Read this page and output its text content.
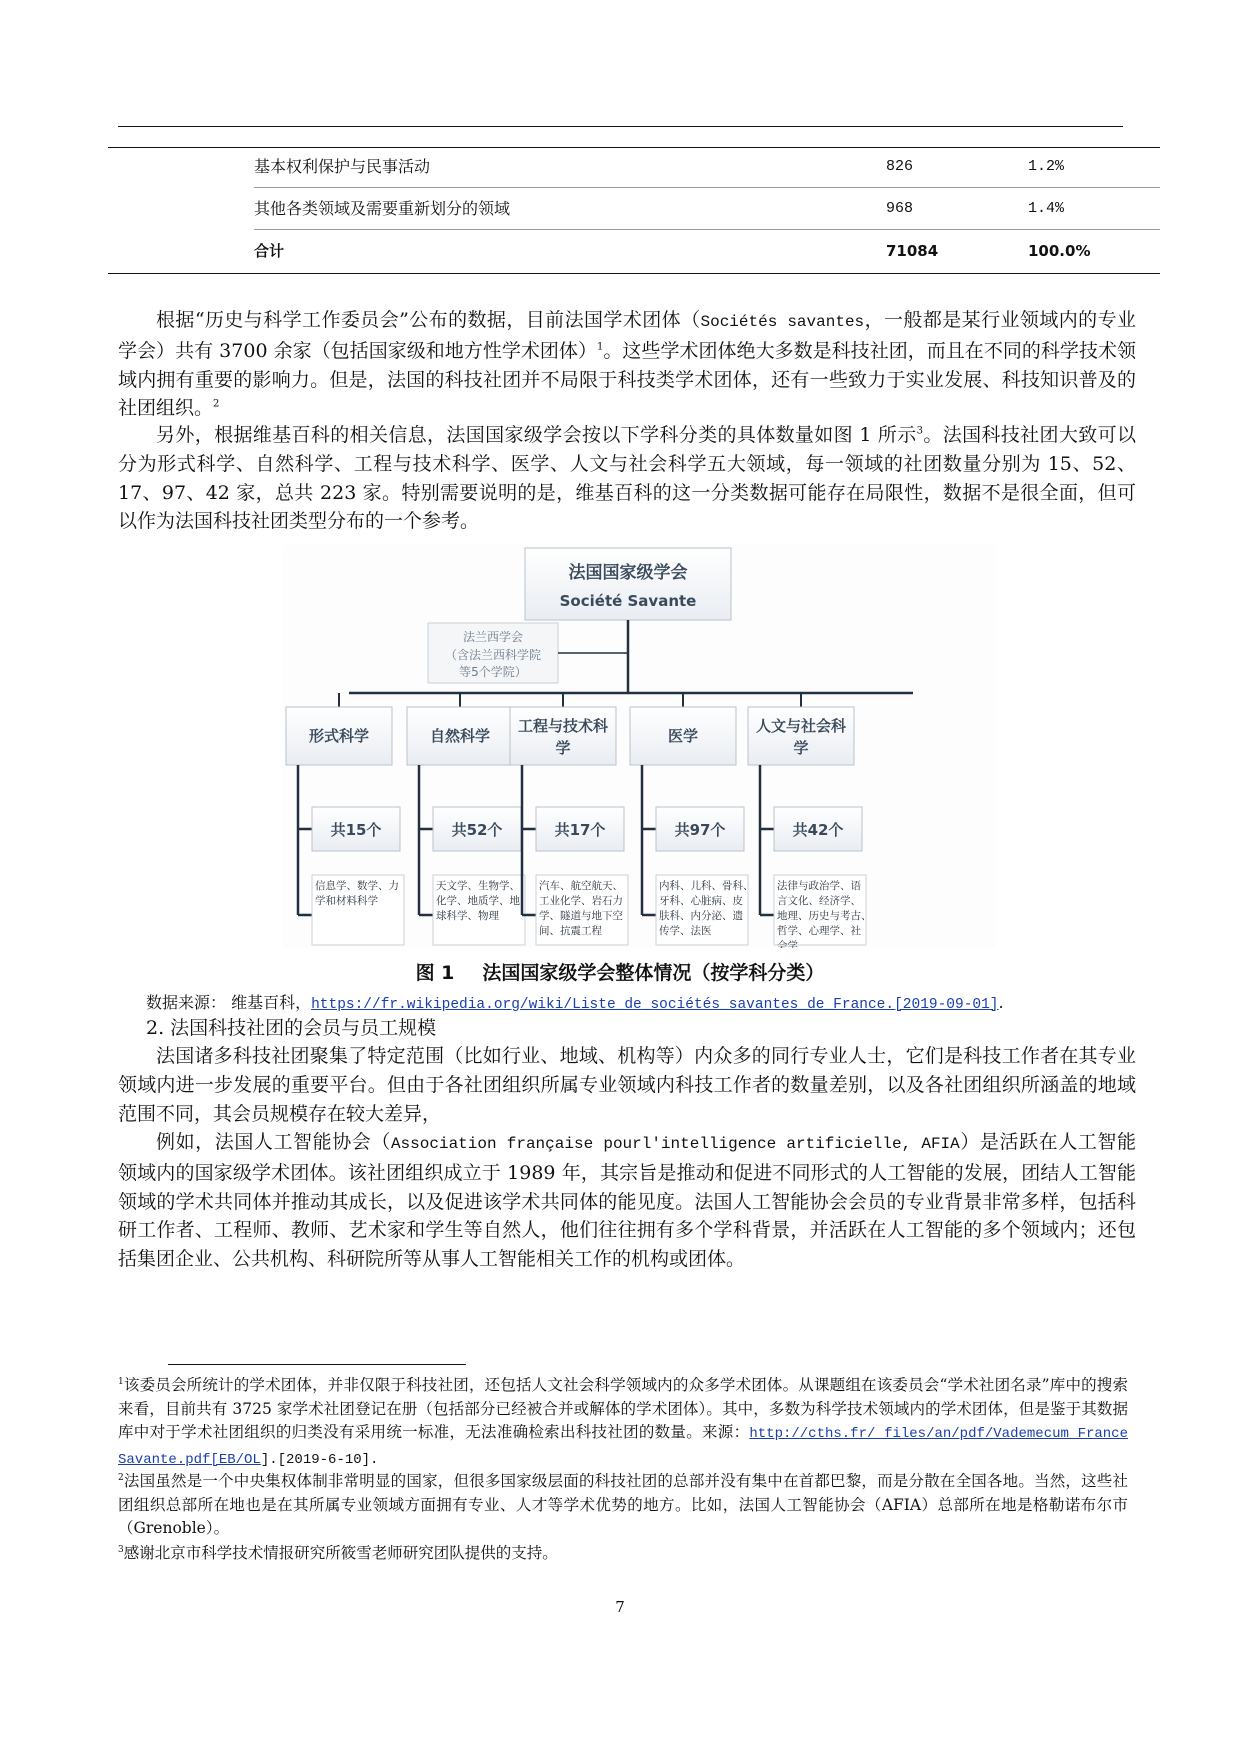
基本权利保护与民事活动	826	1.2%
其他各类领域及需要重新划分的领域	968	1.4%
合计	71084	100.0%

根据“历史与科学工作委员会”公布的数据，目前法国学术团体（Sociétés savantes，一般都是某行业领域内的专业学会）共有 3700 余家（包括国家级和地方性学术团体）$^1$。这些学术团体绝大多数是科技社团，而且在不同的科学技术领域内拥有重要的影响力。但是，法国的科技社团并不局限于科技类学术团体，还有一些致力于实业发展、科技知识普及的社团组织。$^2$

另外，根据维基百科的相关信息，法国国家级学会按以下学科分类的具体数量如图 1 所示$^3$。法国科技社团大致可以分为形式科学、自然科学、工程与技术科学、医学、人文与社会科学五大领域，每一领域的社团数量分别为 15、52、17、97、42 家，总共 223 家。特别需要说明的是，维基百科的这一分类数据可能存在局限性，数据不是很全面，但可以作为法国科技社团类型分布的一个参考。

法国国家级学会
Société Savante
法兰西学会
（含法兰西科学院
等5个学院）
形式科学
共15个
信息学、数学、力
学和材料科学
自然科学
共52个
天文学、生物学、
化学、地质学、地
球科学、物理
工程与技术科
学
共17个
汽车、航空航天、
工业化学、岩石力
学、隧道与地下空
间、抗震工程
医学
共97个
内科、儿科、骨科、
牙科、心脏病、皮
肤科、内分泌、遗
传学、法医
人文与社会科
学
共42个
法律与政治学、语
言文化、经济学、
地理、历史与考古、
哲学、心理学、社
会学
图 1 法国国家级学会整体情况（按学科分类）
数据来源： 维基百科，https://fr.wikipedia.org/wiki/Liste_de_sociétés_savantes_de_France.[2019-09-01].
2. 法国科技社团的会员与员工规模

法国诸多科技社团聚集了特定范围（比如行业、地域、机构等）内众多的同行专业人士，它们是科技工作者在其专业领域内进一步发展的重要平台。但由于各社团组织所属专业领域内科技工作者的数量差别，以及各社团组织所涵盖的地域范围不同，其会员规模存在较大差异，

例如，法国人工智能协会（Association française pourl'intelligence artificielle, AFIA）是活跃在人工智能领域内的国家级学术团体。该社团组织成立于 1989 年，其宗旨是推动和促进不同形式的人工智能的发展，团结人工智能领域的学术共同体并推动其成长，以及促进该学术共同体的能见度。法国人工智能协会会员的专业背景非常多样，包括科研工作者、工程师、教师、艺术家和学生等自然人，他们往往拥有多个学科背景，并活跃在人工智能的多个领域内；还包括集团企业、公共机构、科研院所等从事人工智能相关工作的机构或团体。

$^1$该委员会所统计的学术团体，并非仅限于科技社团，还包括人文社会科学领域内的众多学术团体。从课题组在该委员会“学术社团名录”库中的搜索来看，目前共有 3725 家学术社团登记在册（包括部分已经被合并或解体的学术团体）。其中，多数为科学技术领域内的学术团体，但是鉴于其数据库中对于学术社团组织的归类没有采用统一标准，无法准确检索出科技社团的数量。来源：http://cths.fr/ files/an/pdf/Vademecum France Savante.pdf[EB/OL].[2019-6-10].

$^2$法国虽然是一个中央集权体制非常明显的国家，但很多国家级层面的科技社团的总部并没有集中在首都巴黎，而是分散在全国各地。当然，这些社团组织总部所在地也是在其所属专业领域方面拥有专业、人才等学术优势的地方。比如，法国人工智能协会（AFIA）总部所在地是格勒诺布尔市（Grenoble）。

$^3$感谢北京市科学技术情报研究所筱雪老师研究团队提供的支持。

7
